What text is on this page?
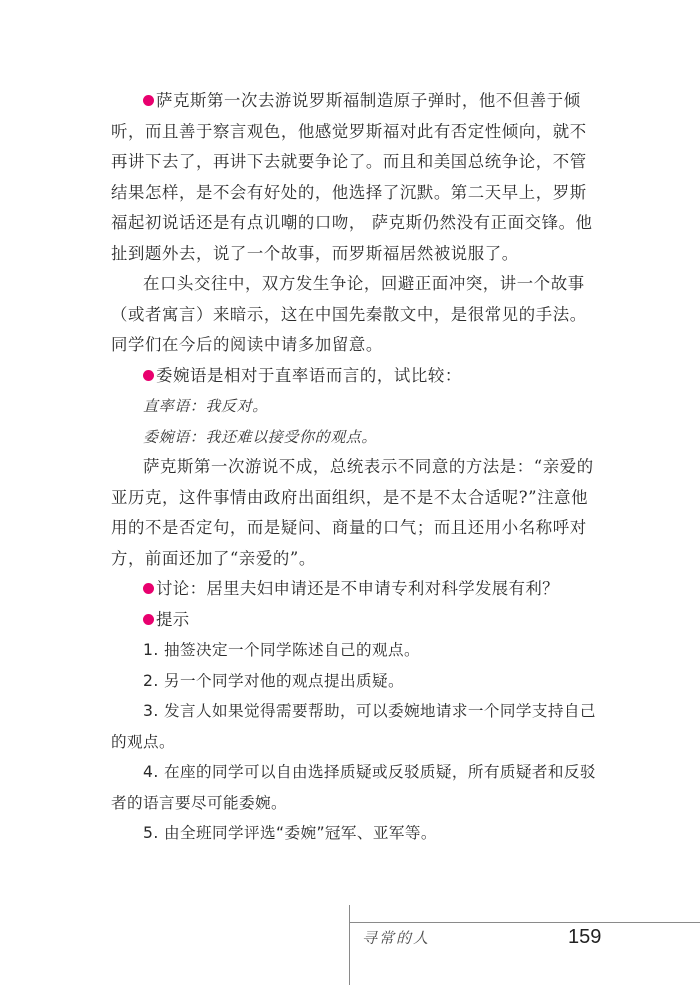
萨克斯第一次去游说罗斯福制造原子弹时，他不但善于倾听，而且善于察言观色，他感觉罗斯福对此有否定性倾向，就不再讲下去了，再讲下去就要争论了。而且和美国总统争论，不管结果怎样，是不会有好处的，他选择了沉默。第二天早上，罗斯福起初说话还是有点讥嘲的口吻， 萨克斯仍然没有正面交锋。他扯到题外去，说了一个故事，而罗斯福居然被说服了。

在口头交往中，双方发生争论，回避正面冲突，讲一个故事（或者寓言）来暗示，这在中国先秦散文中，是很常见的手法。同学们在今后的阅读中请多加留意。

委婉语是相对于直率语而言的，试比较：

直率语：我反对。

委婉语：我还难以接受你的观点。

萨克斯第一次游说不成，总统表示不同意的方法是：“亲爱的亚历克，这件事情由政府出面组织，是不是不太合适呢?”注意他用的不是否定句，而是疑问、商量的口气；而且还用小名称呼对方，前面还加了“亲爱的”。

讨论：居里夫妇申请还是不申请专利对科学发展有利？

提示

1. 抽签决定一个同学陈述自己的观点。

2. 另一个同学对他的观点提出质疑。

3. 发言人如果觉得需要帮助，可以委婉地请求一个同学支持自己的观点。

4. 在座的同学可以自由选择质疑或反驳质疑，所有质疑者和反驳者的语言要尽可能委婉。

5. 由全班同学评选“委婉”冠军、亚军等。

寻常的人	159
